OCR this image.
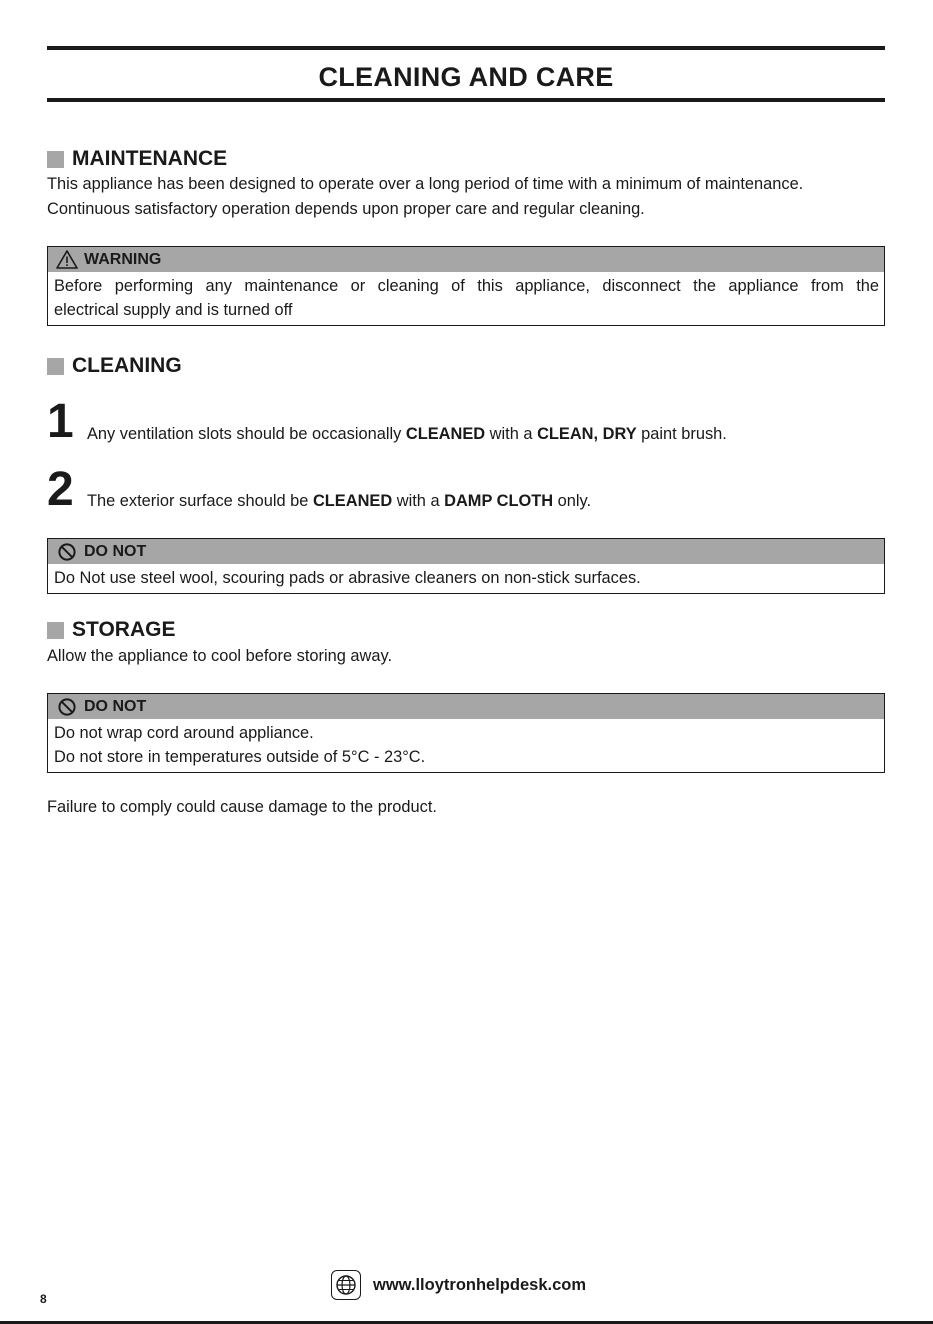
CLEANING AND CARE
MAINTENANCE
This appliance has been designed to operate over a long period of time with a minimum of maintenance.
Continuous satisfactory operation depends upon proper care and regular cleaning.
WARNING
Before performing any maintenance or cleaning of this appliance, disconnect the appliance from the
electrical supply and is turned off
CLEANING
1 Any ventilation slots should be occasionally CLEANED with a CLEAN, DRY paint brush.
2 The exterior surface should be CLEANED with a DAMP CLOTH only.
DO NOT
Do Not use steel wool, scouring pads or abrasive cleaners on non-stick surfaces.
STORAGE
Allow the appliance to cool before storing away.
DO NOT
Do not wrap cord around appliance.
Do not store in temperatures outside of 5°C - 23°C.
Failure to comply could cause damage to the product.
www.lloytronhelpdesk.com
8
